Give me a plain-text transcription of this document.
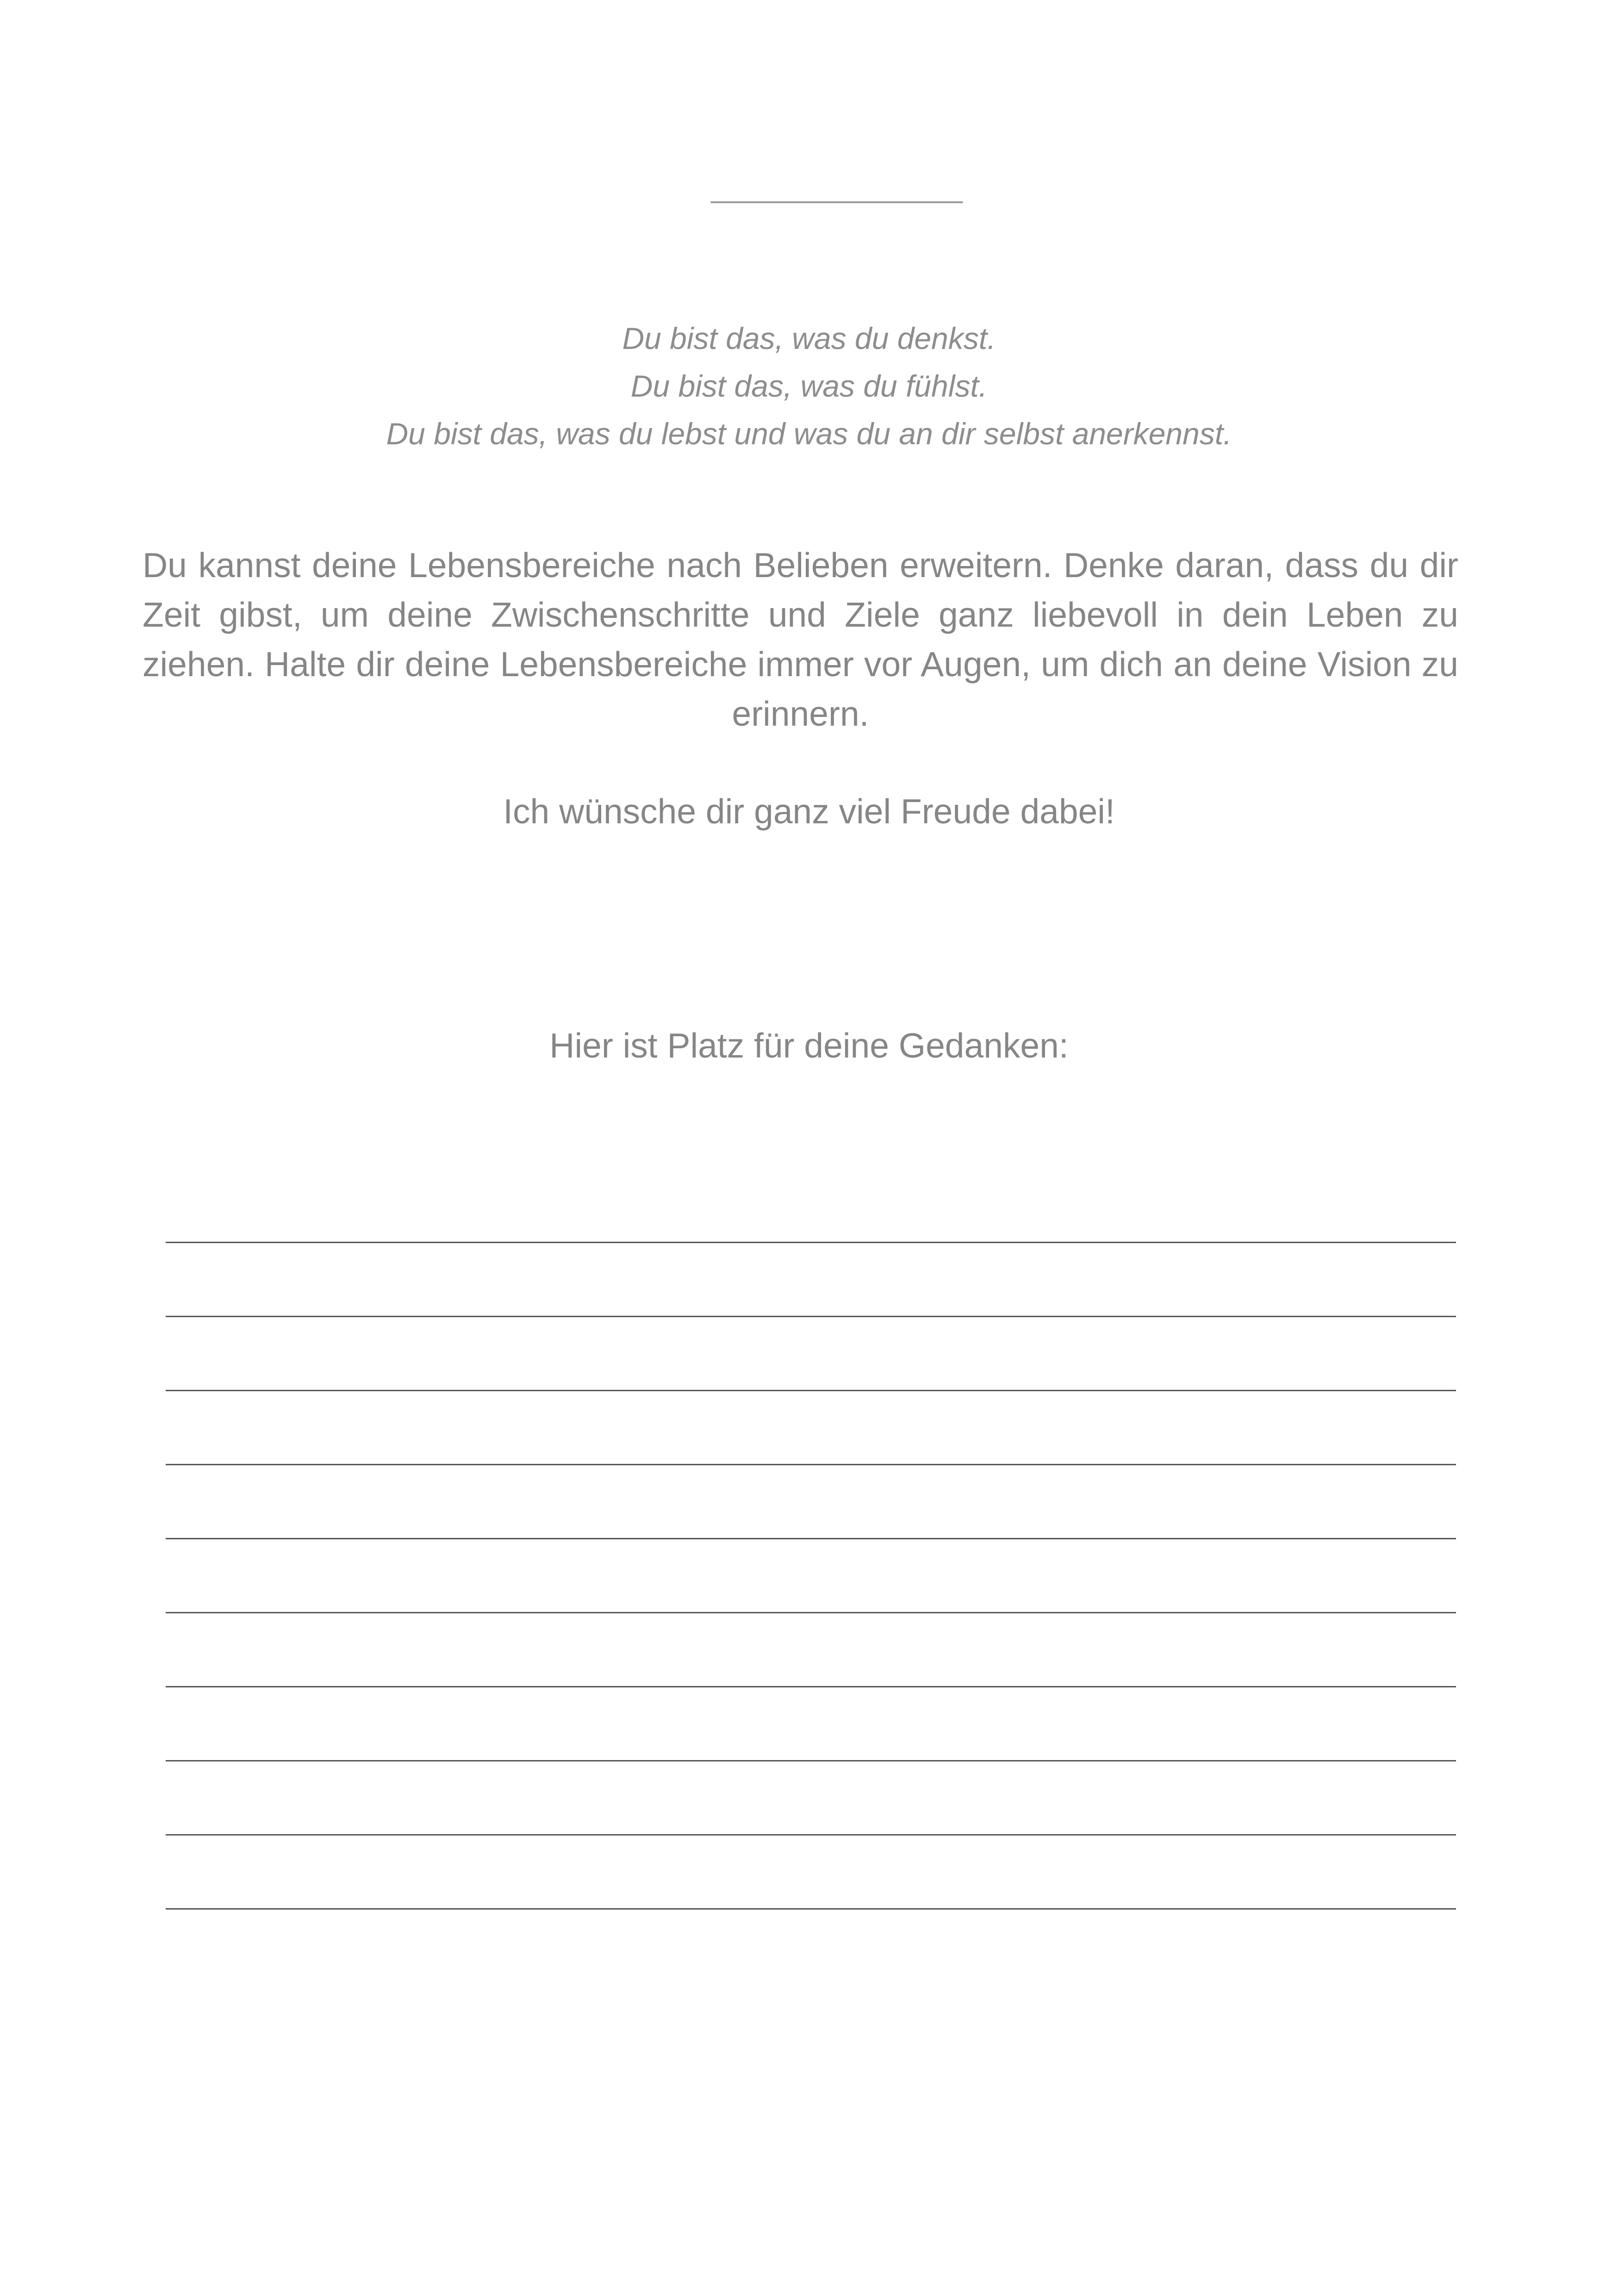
Du bist das, was du denkst.

Du bist das, was du fühlst.

Du bist das, was du lebst und was du an dir selbst anerkennst.

Du kannst deine Lebensbereiche nach Belieben erweitern. Denke daran, dass du dir Zeit gibst, um deine Zwischenschritte und Ziele ganz liebevoll in dein Leben zu ziehen. Halte dir deine Lebensbereiche immer vor Augen, um dich an deine Vision zu erinnern.

Ich wünsche dir ganz viel Freude dabei!

Hier ist Platz für deine Gedanken:
